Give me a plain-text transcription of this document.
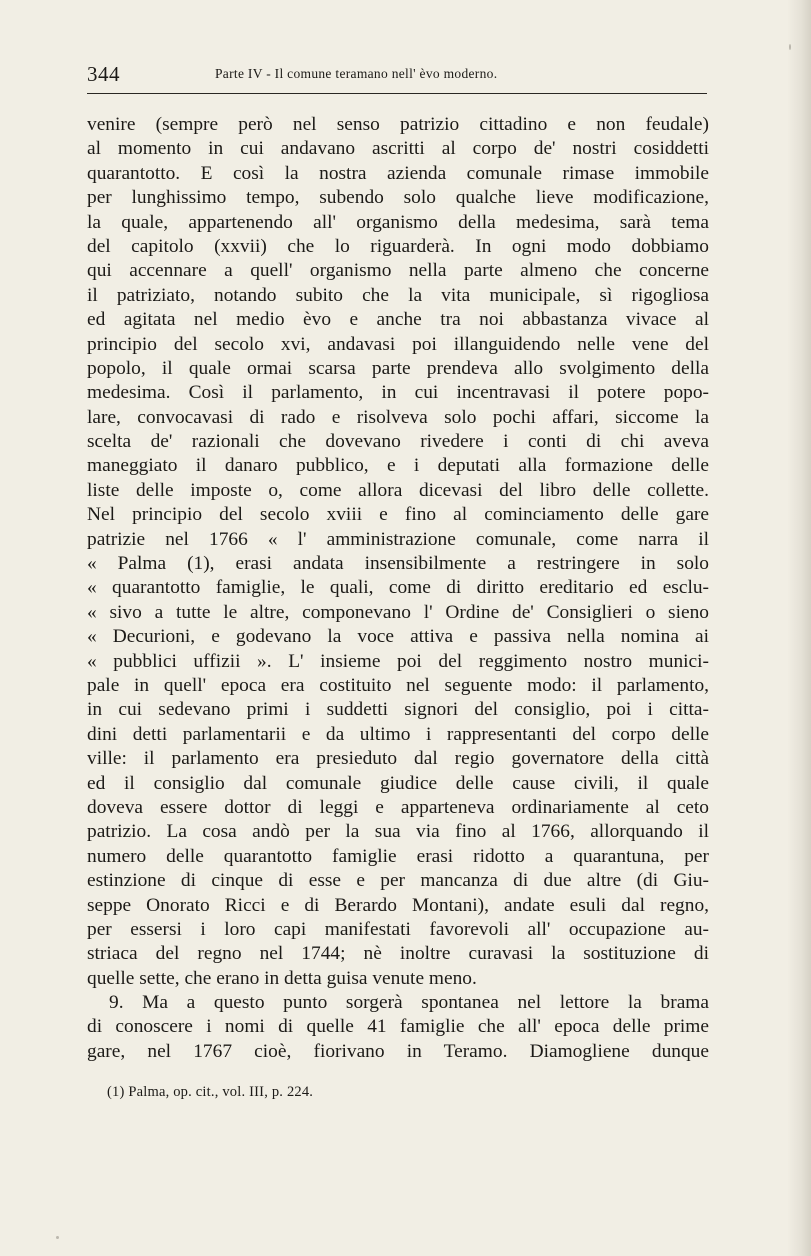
344	Parte IV - Il comune teramano nell' èvo moderno.
venire (sempre però nel senso patrizio cittadino e non feudale)
al momento in cui andavano ascritti al corpo de' nostri cosiddetti
quarantotto. E così la nostra azienda comunale rimase immobile
per lunghissimo tempo, subendo solo qualche lieve modificazione,
la quale, appartenendo all' organismo della medesima, sarà tema
del capitolo (xxvii) che lo riguarderà. In ogni modo dobbiamo
qui accennare a quell' organismo nella parte almeno che concerne
il patriziato, notando subito che la vita municipale, sì rigogliosa
ed agitata nel medio èvo e anche tra noi abbastanza vivace al
principio del secolo xvi, andavasi poi illanguidendo nelle vene del
popolo, il quale ormai scarsa parte prendeva allo svolgimento della
medesima. Così il parlamento, in cui incentravasi il potere popo-
lare, convocavasi di rado e risolveva solo pochi affari, siccome la
scelta de' razionali che dovevano rivedere i conti di chi aveva
maneggiato il danaro pubblico, e i deputati alla formazione delle
liste delle imposte o, come allora dicevasi del libro delle collette.
Nel principio del secolo xviii e fino al cominciamento delle gare
patrizie nel 1766 « l' amministrazione comunale, come narra il
« Palma (1), erasi andata insensibilmente a restringere in solo
« quarantotto famiglie, le quali, come di diritto ereditario ed esclu-
« sivo a tutte le altre, componevano l' Ordine de' Consiglieri o sieno
« Decurioni, e godevano la voce attiva e passiva nella nomina ai
« pubblici uffizii ». L' insieme poi del reggimento nostro munici-
pale in quell' epoca era costituito nel seguente modo: il parlamento,
in cui sedevano primi i suddetti signori del consiglio, poi i citta-
dini detti parlamentarii e da ultimo i rappresentanti del corpo delle
ville: il parlamento era presieduto dal regio governatore della città
ed il consiglio dal comunale giudice delle cause civili, il quale
doveva essere dottor di leggi e apparteneva ordinariamente al ceto
patrizio. La cosa andò per la sua via fino al 1766, allorquando il
numero delle quarantotto famiglie erasi ridotto a quarantuna, per
estinzione di cinque di esse e per mancanza di due altre (di Giu-
seppe Onorato Ricci e di Berardo Montani), andate esuli dal regno,
per essersi i loro capi manifestati favorevoli all' occupazione au-
striaca del regno nel 1744; nè inoltre curavasi la sostituzione di
quelle sette, che erano in detta guisa venute meno.
9. Ma a questo punto sorgerà spontanea nel lettore la brama
di conoscere i nomi di quelle 41 famiglie che all' epoca delle prime
gare, nel 1767 cioè, fiorivano in Teramo. Diamogliene dunque
(1) Palma, op. cit., vol. III, p. 224.
